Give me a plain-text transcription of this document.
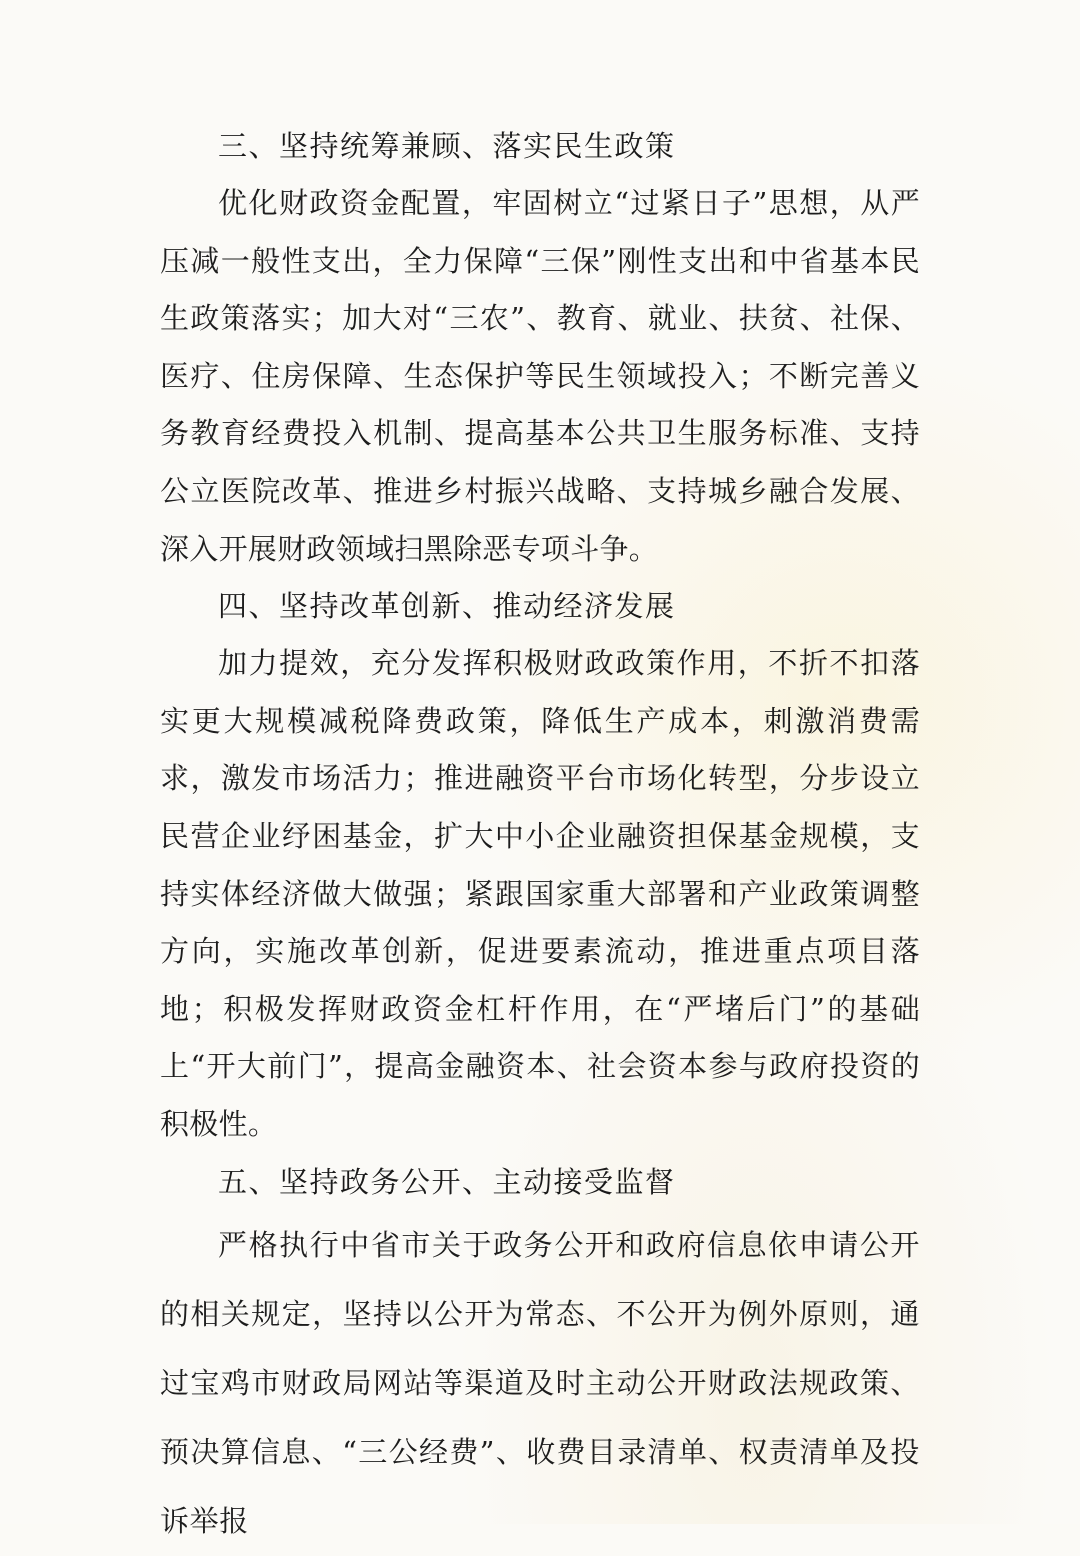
三、坚持统筹兼顾、落实民生政策

优化财政资金配置，牢固树立“过紧日子”思想，从严压减一般性支出，全力保障“三保”刚性支出和中省基本民生政策落实；加大对“三农”、教育、就业、扶贫、社保、医疗、住房保障、生态保护等民生领域投入；不断完善义务教育经费投入机制、提高基本公共卫生服务标准、支持公立医院改革、推进乡村振兴战略、支持城乡融合发展、深入开展财政领域扫黑除恶专项斗争。

四、坚持改革创新、推动经济发展

加力提效，充分发挥积极财政政策作用，不折不扣落实更大规模减税降费政策，降低生产成本，刺激消费需求，激发市场活力；推进融资平台市场化转型，分步设立民营企业纾困基金，扩大中小企业融资担保基金规模，支持实体经济做大做强；紧跟国家重大部署和产业政策调整方向，实施改革创新，促进要素流动，推进重点项目落地；积极发挥财政资金杠杆作用，在“严堵后门”的基础上“开大前门”，提高金融资本、社会资本参与政府投资的积极性。

五、坚持政务公开、主动接受监督

严格执行中省市关于政务公开和政府信息依申请公开的相关规定，坚持以公开为常态、不公开为例外原则，通过宝鸡市财政局网站等渠道及时主动公开财政法规政策、预决算信息、“三公经费”、收费目录清单、权责清单及投诉举报
